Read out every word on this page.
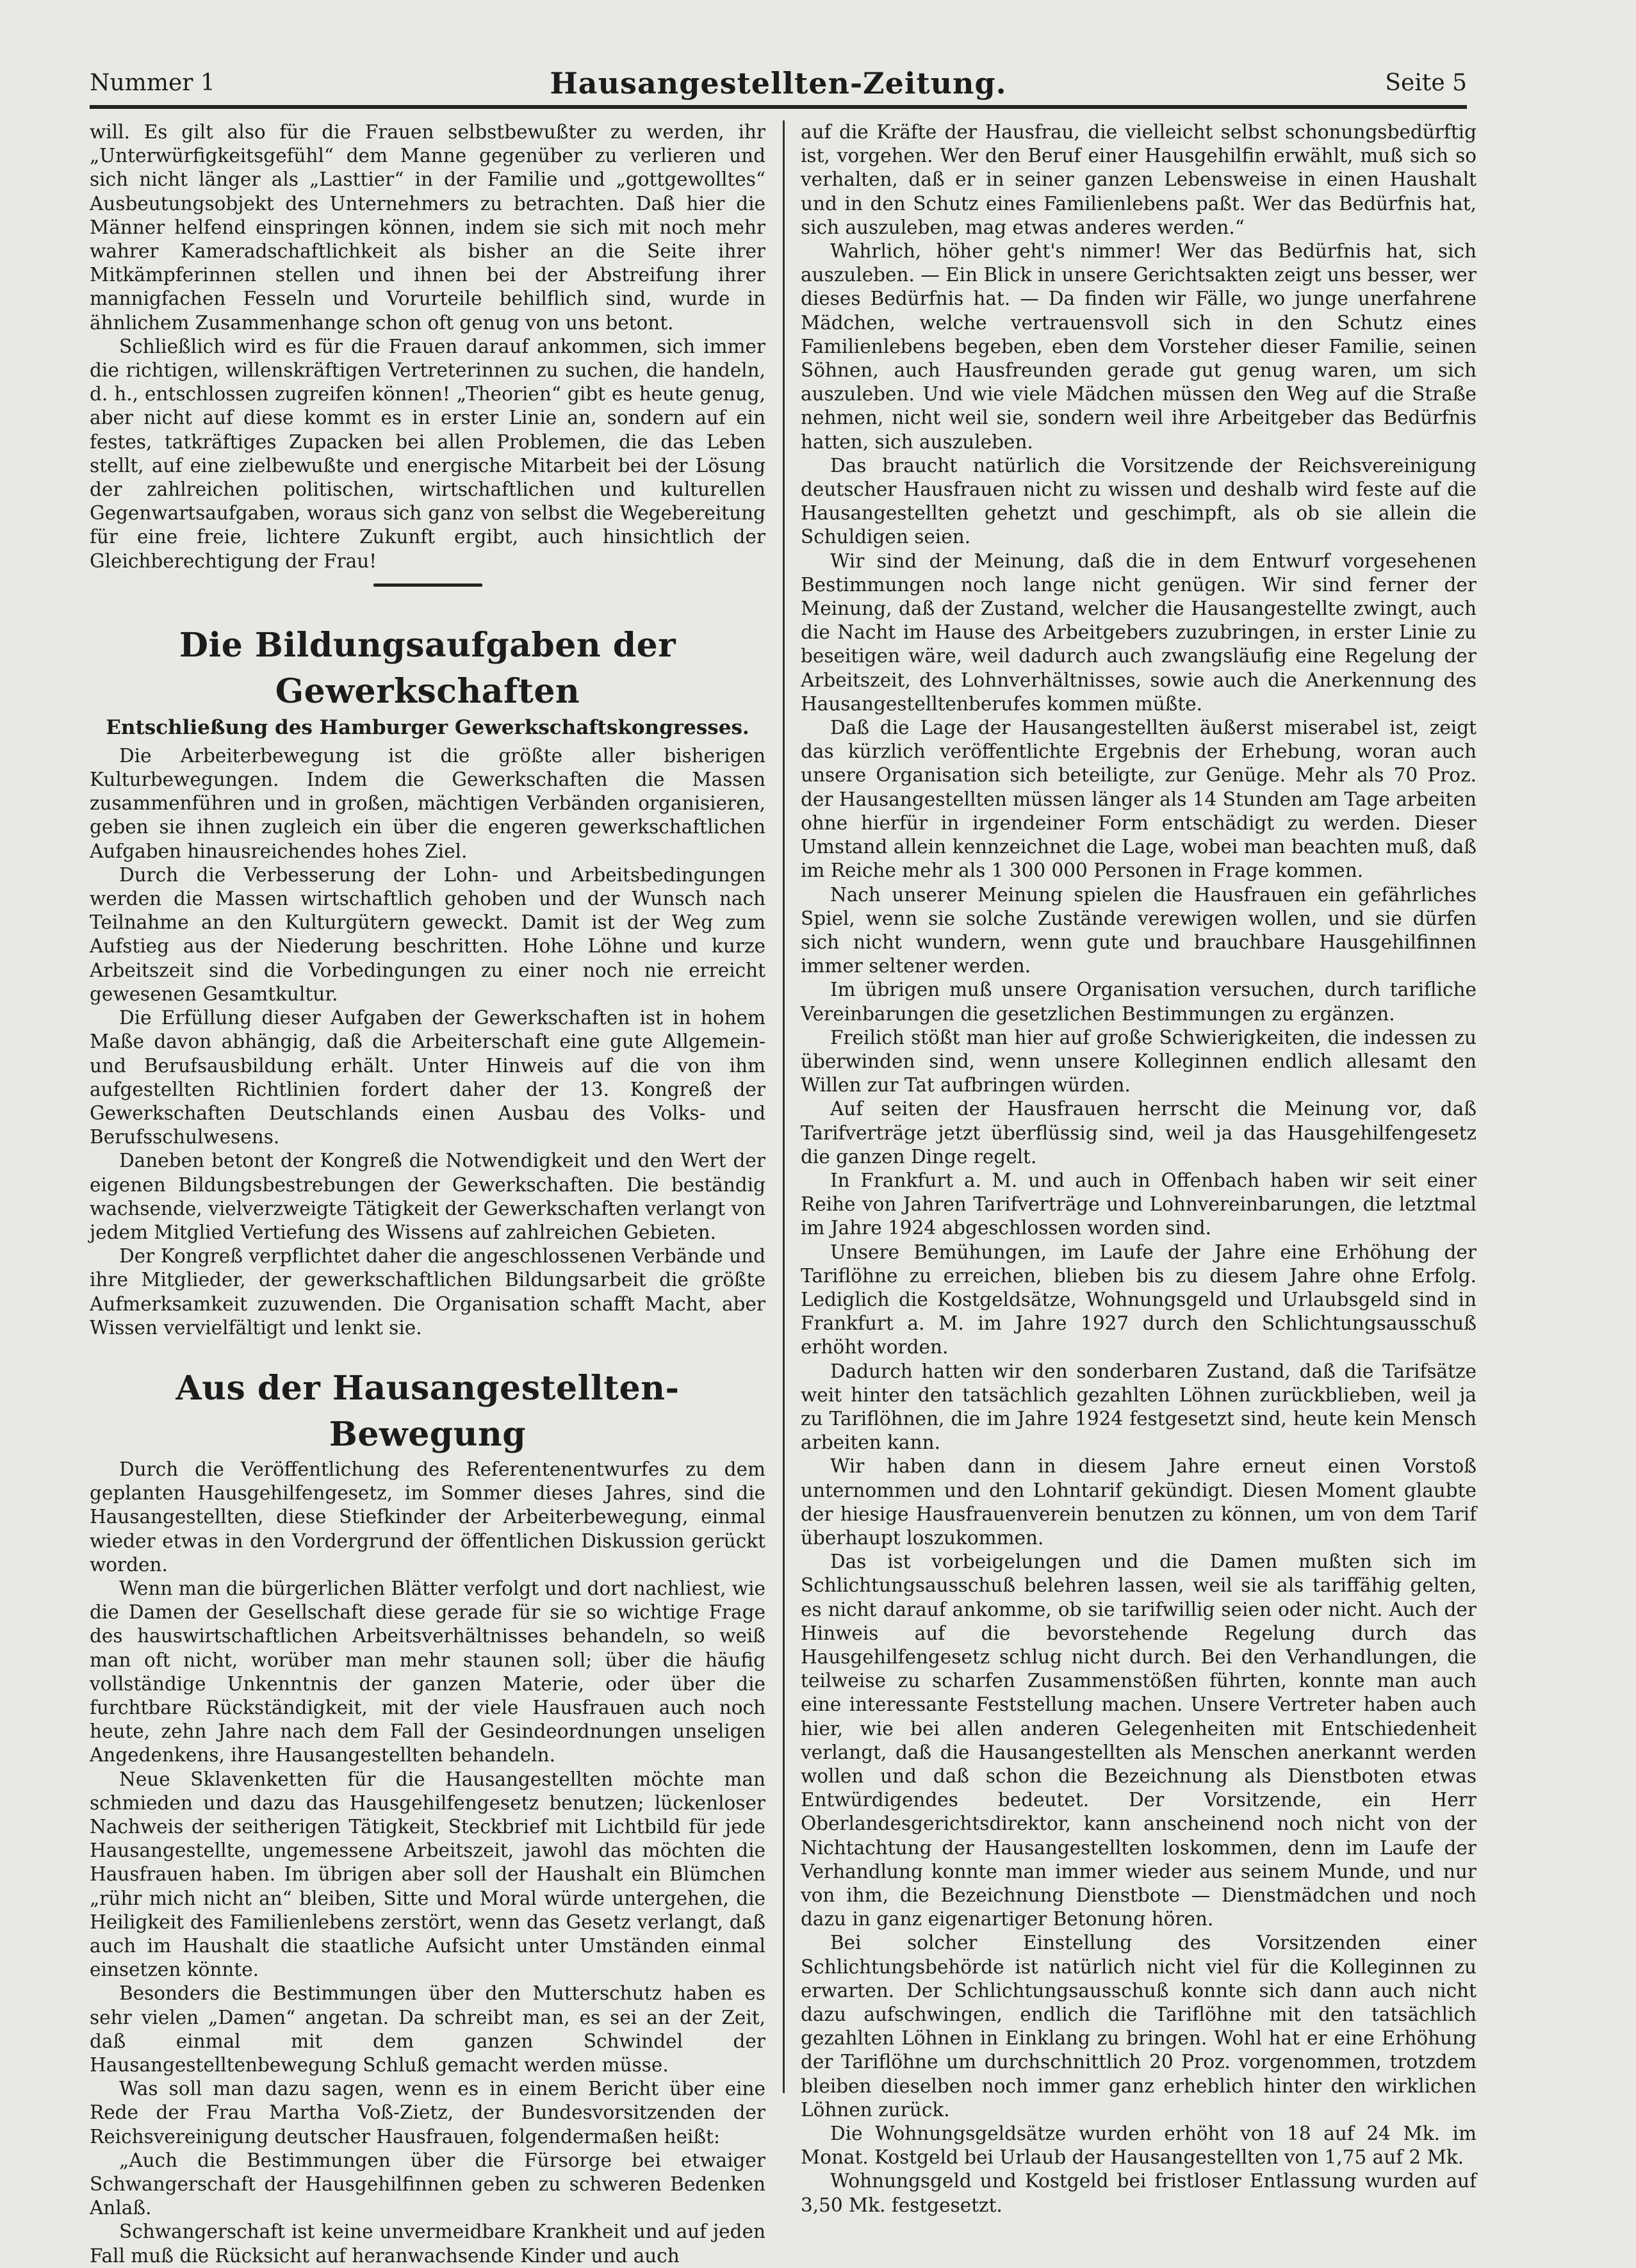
Nummer 1	Hausangestellten-Zeitung.	Seite 5

will. Es gilt also für die Frauen selbstbewußter zu werden, ihr „Unterwürfigkeitsgefühl“ dem Manne gegenüber zu verlieren und sich nicht länger als „Lasttier“ in der Familie und „gottgewolltes“ Ausbeutungsobjekt des Unternehmers zu betrachten. Daß hier die Männer helfend einspringen können, indem sie sich mit noch mehr wahrer Kameradschaftlichkeit als bisher an die Seite ihrer Mitkämpferinnen stellen und ihnen bei der Abstreifung ihrer mannigfachen Fesseln und Vorurteile behilflich sind, wurde in ähnlichem Zusammenhange schon oft genug von uns betont.

Schließlich wird es für die Frauen darauf ankommen, sich immer die richtigen, willenskräftigen Vertreterinnen zu suchen, die handeln, d. h., entschlossen zugreifen können! „Theorien“ gibt es heute genug, aber nicht auf diese kommt es in erster Linie an, sondern auf ein festes, tatkräftiges Zupacken bei allen Problemen, die das Leben stellt, auf eine zielbewußte und energische Mitarbeit bei der Lösung der zahlreichen politischen, wirtschaftlichen und kulturellen Gegenwartsaufgaben, woraus sich ganz von selbst die Wegebereitung für eine freie, lichtere Zukunft ergibt, auch hinsichtlich der Gleichberechtigung der Frau!

Die Bildungsaufgaben der Gewerkschaften
Entschließung des Hamburger Gewerkschaftskongresses.

Die Arbeiterbewegung ist die größte aller bisherigen Kulturbewegungen. Indem die Gewerkschaften die Massen zusammenführen und in großen, mächtigen Verbänden organisieren, geben sie ihnen zugleich ein über die engeren gewerkschaftlichen Aufgaben hinausreichendes hohes Ziel.

Durch die Verbesserung der Lohn- und Arbeitsbedingungen werden die Massen wirtschaftlich gehoben und der Wunsch nach Teilnahme an den Kulturgütern geweckt. Damit ist der Weg zum Aufstieg aus der Niederung beschritten. Hohe Löhne und kurze Arbeitszeit sind die Vorbedingungen zu einer noch nie erreicht gewesenen Gesamtkultur.

Die Erfüllung dieser Aufgaben der Gewerkschaften ist in hohem Maße davon abhängig, daß die Arbeiterschaft eine gute Allgemein- und Berufsausbildung erhält. Unter Hinweis auf die von ihm aufgestellten Richtlinien fordert daher der 13. Kongreß der Gewerkschaften Deutschlands einen Ausbau des Volks- und Berufsschulwesens.

Daneben betont der Kongreß die Notwendigkeit und den Wert der eigenen Bildungsbestrebungen der Gewerkschaften. Die beständig wachsende, vielverzweigte Tätigkeit der Gewerkschaften verlangt von jedem Mitglied Vertiefung des Wissens auf zahlreichen Gebieten.

Der Kongreß verpflichtet daher die angeschlossenen Verbände und ihre Mitglieder, der gewerkschaftlichen Bildungsarbeit die größte Aufmerksamkeit zuzuwenden. Die Organisation schafft Macht, aber Wissen vervielfältigt und lenkt sie.

Aus der Hausangestellten-Bewegung

Durch die Veröffentlichung des Referentenentwurfes zu dem geplanten Hausgehilfengesetz, im Sommer dieses Jahres, sind die Hausangestellten, diese Stiefkinder der Arbeiterbewegung, einmal wieder etwas in den Vordergrund der öffentlichen Diskussion gerückt worden.

Wenn man die bürgerlichen Blätter verfolgt und dort nachliest, wie die Damen der Gesellschaft diese gerade für sie so wichtige Frage des hauswirtschaftlichen Arbeitsverhältnisses behandeln, so weiß man oft nicht, worüber man mehr staunen soll; über die häufig vollständige Unkenntnis der ganzen Materie, oder über die furchtbare Rückständigkeit, mit der viele Hausfrauen auch noch heute, zehn Jahre nach dem Fall der Gesindeordnungen unseligen Angedenkens, ihre Hausangestellten behandeln.

Neue Sklavenketten für die Hausangestellten möchte man schmieden und dazu das Hausgehilfengesetz benutzen; lückenloser Nachweis der seitherigen Tätigkeit, Steckbrief mit Lichtbild für jede Hausangestellte, ungemessene Arbeitszeit, jawohl das möchten die Hausfrauen haben. Im übrigen aber soll der Haushalt ein Blümchen „rühr mich nicht an“ bleiben, Sitte und Moral würde untergehen, die Heiligkeit des Familienlebens zerstört, wenn das Gesetz verlangt, daß auch im Haushalt die staatliche Aufsicht unter Umständen einmal einsetzen könnte.

Besonders die Bestimmungen über den Mutterschutz haben es sehr vielen „Damen“ angetan. Da schreibt man, es sei an der Zeit, daß einmal mit dem ganzen Schwindel der Hausangestelltenbewegung Schluß gemacht werden müsse.

Was soll man dazu sagen, wenn es in einem Bericht über eine Rede der Frau Martha Voß-Zietz, der Bundesvorsitzenden der Reichsvereinigung deutscher Hausfrauen, folgendermaßen heißt:

„Auch die Bestimmungen über die Fürsorge bei etwaiger Schwangerschaft der Hausgehilfinnen geben zu schweren Bedenken Anlaß.

Schwangerschaft ist keine unvermeidbare Krankheit und auf jeden Fall muß die Rücksicht auf heranwachsende Kinder und auch

auf die Kräfte der Hausfrau, die vielleicht selbst schonungsbedürftig ist, vorgehen. Wer den Beruf einer Hausgehilfin erwählt, muß sich so verhalten, daß er in seiner ganzen Lebensweise in einen Haushalt und in den Schutz eines Familienlebens paßt. Wer das Bedürfnis hat, sich auszuleben, mag etwas anderes werden.“

Wahrlich, höher geht's nimmer! Wer das Bedürfnis hat, sich auszuleben. — Ein Blick in unsere Gerichtsakten zeigt uns besser, wer dieses Bedürfnis hat. — Da finden wir Fälle, wo junge unerfahrene Mädchen, welche vertrauensvoll sich in den Schutz eines Familienlebens begeben, eben dem Vorsteher dieser Familie, seinen Söhnen, auch Hausfreunden gerade gut genug waren, um sich auszuleben. Und wie viele Mädchen müssen den Weg auf die Straße nehmen, nicht weil sie, sondern weil ihre Arbeitgeber das Bedürfnis hatten, sich auszuleben.

Das braucht natürlich die Vorsitzende der Reichsvereinigung deutscher Hausfrauen nicht zu wissen und deshalb wird feste auf die Hausangestellten gehetzt und geschimpft, als ob sie allein die Schuldigen seien.

Wir sind der Meinung, daß die in dem Entwurf vorgesehenen Bestimmungen noch lange nicht genügen. Wir sind ferner der Meinung, daß der Zustand, welcher die Hausangestellte zwingt, auch die Nacht im Hause des Arbeitgebers zuzubringen, in erster Linie zu beseitigen wäre, weil dadurch auch zwangsläufig eine Regelung der Arbeitszeit, des Lohnverhältnisses, sowie auch die Anerkennung des Hausangestelltenberufes kommen müßte.

Daß die Lage der Hausangestellten äußerst miserabel ist, zeigt das kürzlich veröffentlichte Ergebnis der Erhebung, woran auch unsere Organisation sich beteiligte, zur Genüge. Mehr als 70 Proz. der Hausangestellten müssen länger als 14 Stunden am Tage arbeiten ohne hierfür in irgendeiner Form entschädigt zu werden. Dieser Umstand allein kennzeichnet die Lage, wobei man beachten muß, daß im Reiche mehr als 1 300 000 Personen in Frage kommen.

Nach unserer Meinung spielen die Hausfrauen ein gefährliches Spiel, wenn sie solche Zustände verewigen wollen, und sie dürfen sich nicht wundern, wenn gute und brauchbare Hausgehilfinnen immer seltener werden.

Im übrigen muß unsere Organisation versuchen, durch tarifliche Vereinbarungen die gesetzlichen Bestimmungen zu ergänzen.

Freilich stößt man hier auf große Schwierigkeiten, die indessen zu überwinden sind, wenn unsere Kolleginnen endlich allesamt den Willen zur Tat aufbringen würden.

Auf seiten der Hausfrauen herrscht die Meinung vor, daß Tarifverträge jetzt überflüssig sind, weil ja das Hausgehilfengesetz die ganzen Dinge regelt.

In Frankfurt a. M. und auch in Offenbach haben wir seit einer Reihe von Jahren Tarifverträge und Lohnvereinbarungen, die letztmal im Jahre 1924 abgeschlossen worden sind.

Unsere Bemühungen, im Laufe der Jahre eine Erhöhung der Tariflöhne zu erreichen, blieben bis zu diesem Jahre ohne Erfolg. Lediglich die Kostgeldsätze, Wohnungsgeld und Urlaubsgeld sind in Frankfurt a. M. im Jahre 1927 durch den Schlichtungsausschuß erhöht worden.

Dadurch hatten wir den sonderbaren Zustand, daß die Tarifsätze weit hinter den tatsächlich gezahlten Löhnen zurückblieben, weil ja zu Tariflöhnen, die im Jahre 1924 festgesetzt sind, heute kein Mensch arbeiten kann.

Wir haben dann in diesem Jahre erneut einen Vorstoß unternommen und den Lohntarif gekündigt. Diesen Moment glaubte der hiesige Hausfrauenverein benutzen zu können, um von dem Tarif überhaupt loszukommen.

Das ist vorbeigelungen und die Damen mußten sich im Schlichtungsausschuß belehren lassen, weil sie als tariffähig gelten, es nicht darauf ankomme, ob sie tarifwillig seien oder nicht. Auch der Hinweis auf die bevorstehende Regelung durch das Hausgehilfengesetz schlug nicht durch. Bei den Verhandlungen, die teilweise zu scharfen Zusammenstößen führten, konnte man auch eine interessante Feststellung machen. Unsere Vertreter haben auch hier, wie bei allen anderen Gelegenheiten mit Entschiedenheit verlangt, daß die Hausangestellten als Menschen anerkannt werden wollen und daß schon die Bezeichnung als Dienstboten etwas Entwürdigendes bedeutet. Der Vorsitzende, ein Herr Oberlandesgerichtsdirektor, kann anscheinend noch nicht von der Nichtachtung der Hausangestellten loskommen, denn im Laufe der Verhandlung konnte man immer wieder aus seinem Munde, und nur von ihm, die Bezeichnung Dienstbote — Dienstmädchen und noch dazu in ganz eigenartiger Betonung hören.

Bei solcher Einstellung des Vorsitzenden einer Schlichtungsbehörde ist natürlich nicht viel für die Kolleginnen zu erwarten. Der Schlichtungsausschuß konnte sich dann auch nicht dazu aufschwingen, endlich die Tariflöhne mit den tatsächlich gezahlten Löhnen in Einklang zu bringen. Wohl hat er eine Erhöhung der Tariflöhne um durchschnittlich 20 Proz. vorgenommen, trotzdem bleiben dieselben noch immer ganz erheblich hinter den wirklichen Löhnen zurück.

Die Wohnungsgeldsätze wurden erhöht von 18 auf 24 Mk. im Monat. Kostgeld bei Urlaub der Hausangestellten von 1,75 auf 2 Mk.

Wohnungsgeld und Kostgeld bei fristloser Entlassung wurden auf 3,50 Mk. festgesetzt.
